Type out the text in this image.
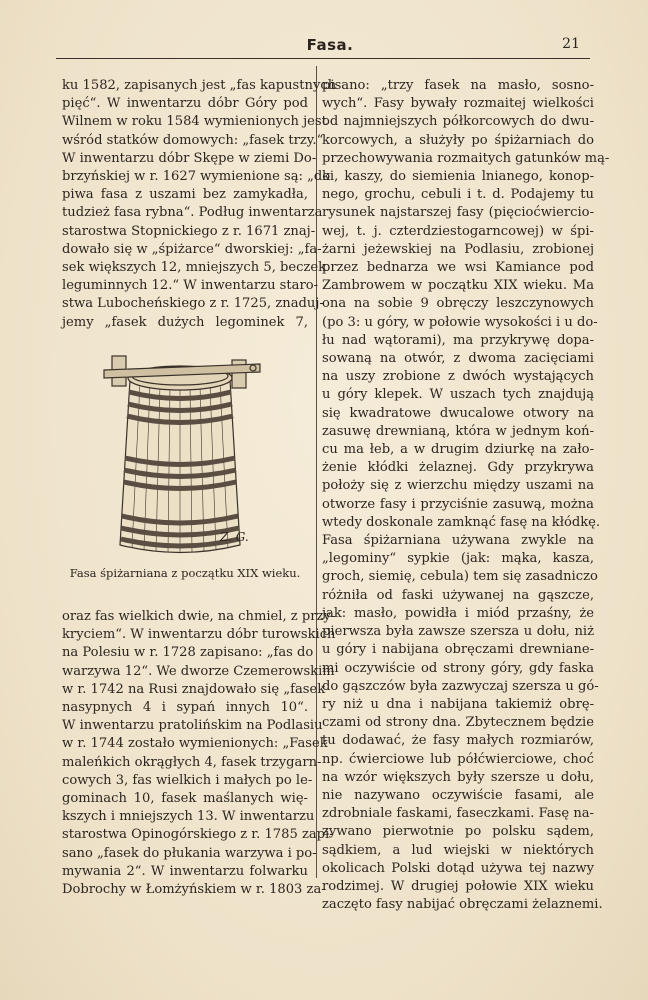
Fasa.	21
ku 1582, zapisanych jest „fas kapustnych
pięć“. W inwentarzu dóbr Góry pod
Wilnem w roku 1584 wymienionych jest
wśród statków domowych: „fasek trzy.“
W inwentarzu dóbr Skępe w ziemi Do-
brzyńskiej w r. 1627 wymienione są: „do
piwa fasa z uszami bez zamykadła,
tudzież fasa rybna“. Podług inwentarza
starostwa Stopnickiego z r. 1671 znaj-
dowało się w „śpiżarce“ dworskiej: „fa-
sek większych 12, mniejszych 5, beczek
leguminnych 12.“ W inwentarzu staro-
stwa Lubocheńskiego z r. 1725, znaduj-
jemy „fasek dużych legominek 7,
Z. G.
Fasa śpiżarniana z początku XIX wieku.
oraz fas wielkich dwie, na chmiel, z przy-
kryciem“. W inwentarzu dóbr turowskich
na Polesiu w r. 1728 zapisano: „fas do
warzywa 12“. We dworze Czemerowskim
w r. 1742 na Rusi znajdowało się „fasek
nasypnych 4 i sypań innych 10“.
W inwentarzu pratolińskim na Podlasiu
w r. 1744 zostało wymienionych: „Fasek
maleńkich okrągłych 4, fasek trzygarn-
cowych 3, fas wielkich i małych po le-
gominach 10, fasek maślanych wię-
kszych i mniejszych 13. W inwentarzu
starostwa Opinogórskiego z r. 1785 zapi-
sano „fasek do płukania warzywa i po-
mywania 2“. W inwentarzu folwarku
Dobrochy w Łomżyńskiem w r. 1803 za-
pisano: „trzy fasek na masło, sosno-
wych“. Fasy bywały rozmaitej wielkości
od najmniejszych półkorcowych do dwu-
korcowych, a służyły po śpiżarniach do
przechowywania rozmaitych gatunków mą-
ki, kaszy, do siemienia lnianego, konop-
nego, grochu, cebuli i t. d. Podajemy tu
rysunek najstarszej fasy (pięcioćwiercio-
wej, t. j. czterdziestogarncowej) w śpi-
żarni jeżewskiej na Podlasiu, zrobionej
przez bednarza we wsi Kamiance pod
Zambrowem w początku XIX wieku. Ma
ona na sobie 9 obręczy leszczynowych
(po 3: u góry, w połowie wysokości i u do-
łu nad wątorami), ma przykrywę dopa-
sowaną na otwór, z dwoma zacięciami
na uszy zrobione z dwóch wystających
u góry klepek. W uszach tych znajdują
się kwadratowe dwucalowe otwory na
zasuwę drewnianą, która w jednym koń-
cu ma łeb, a w drugim dziurkę na zało-
żenie kłódki żelaznej. Gdy przykrywa
położy się z wierzchu między uszami na
otworze fasy i przyciśnie zasuwą, można
wtedy doskonale zamknąć fasę na kłódkę.
Fasa śpiżarniana używana zwykle na
„legominy“ sypkie (jak: mąka, kasza,
groch, siemię, cebula) tem się zasadniczo
różniła od faski używanej na gąszcze,
jak: masło, powidła i miód przaśny, że
pierwsza była zawsze szersza u dołu, niż
u góry i nabijana obręczami drewniane-
mi oczywiście od strony góry, gdy faska
do gąszczów była zazwyczaj szersza u gó-
ry niż u dna i nabijana takiemiż obrę-
czami od strony dna. Zbytecznem będzie
tu dodawać, że fasy małych rozmiarów,
np. ćwierciowe lub półćwierciowe, choć
na wzór większych były szersze u dołu,
nie nazywano oczywiście fasami, ale
zdrobniale faskami, faseczkami. Fasę na-
zywano pierwotnie po polsku sądem,
sądkiem, a lud wiejski w niektórych
okolicach Polski dotąd używa tej nazwy
rodzimej. W drugiej połowie XIX wieku
zaczęto fasy nabijać obręczami żelaznemi.
